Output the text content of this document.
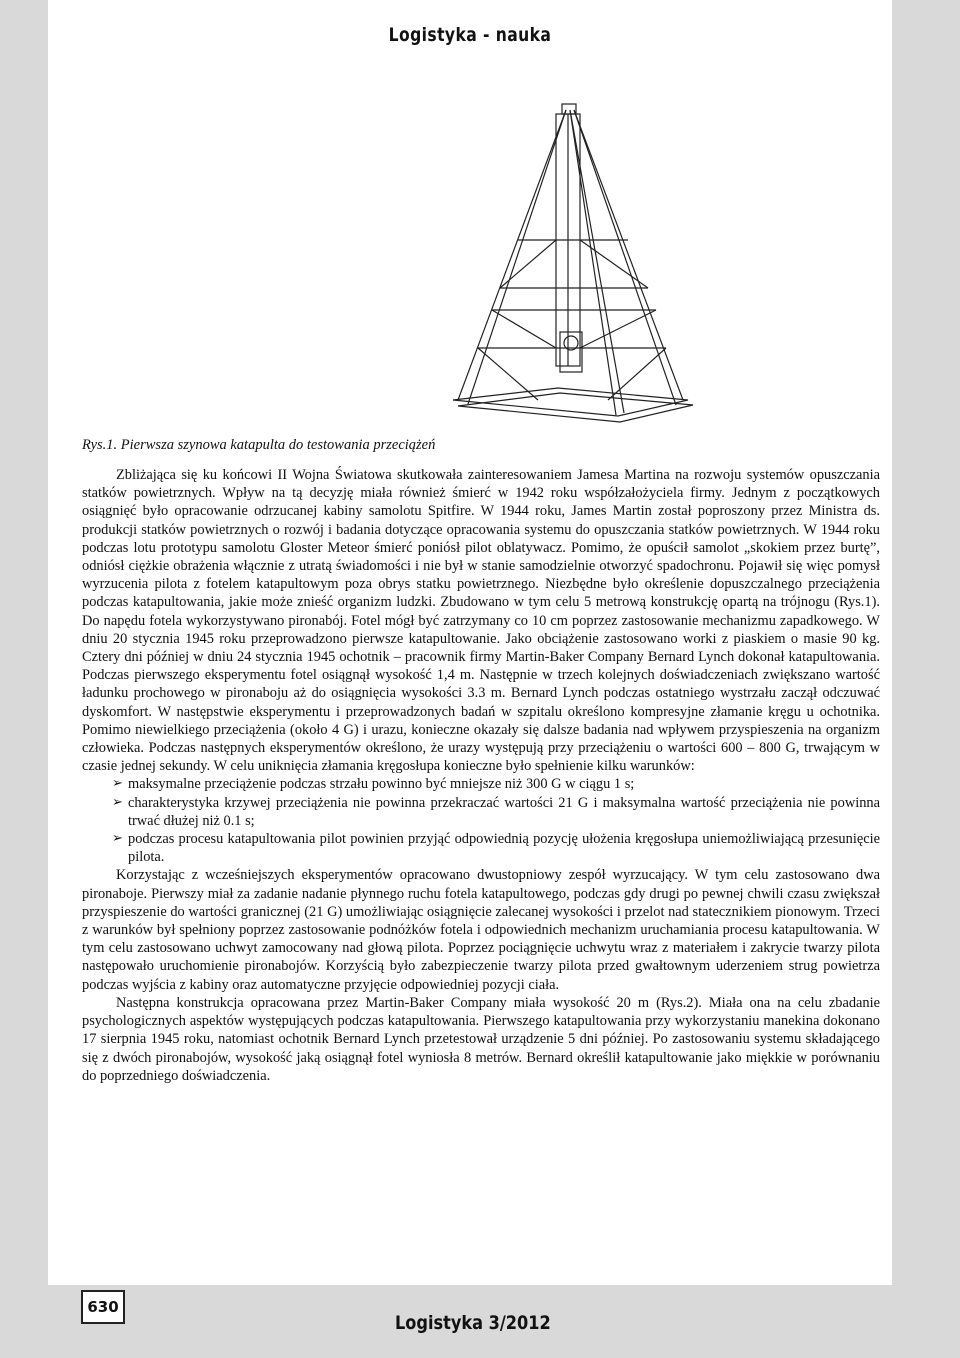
Logistyka - nauka
Rys.1. Pierwsza szynowa katapulta do testowania przeciążeń

Zbliżająca się ku końcowi II Wojna Światowa skutkowała zainteresowaniem Jamesa Martina na rozwoju systemów opuszczania statków powietrznych. Wpływ na tą decyzję miała również śmierć w 1942 roku współzałożyciela firmy. Jednym z początkowych osiągnięć było opracowanie odrzucanej kabiny samolotu Spitfire. W 1944 roku, James Martin został poproszony przez Ministra ds. produkcji statków powietrznych o rozwój i badania dotyczące opracowania systemu do opuszczania statków powietrznych. W 1944 roku podczas lotu prototypu samolotu Gloster Meteor śmierć poniósł pilot oblatywacz. Pomimo, że opuścił samolot „skokiem przez burtę”, odniósł ciężkie obrażenia włącznie z utratą świadomości i nie był w stanie samodzielnie otworzyć spadochronu. Pojawił się więc pomysł wyrzucenia pilota z fotelem katapultowym poza obrys statku powietrznego. Niezbędne było określenie dopuszczalnego przeciążenia podczas katapultowania, jakie może znieść organizm ludzki. Zbudowano w tym celu 5 metrową konstrukcję opartą na trójnogu (Rys.1). Do napędu fotela wykorzystywano pironabój. Fotel mógł być zatrzymany co 10 cm poprzez zastosowanie mechanizmu zapadkowego. W dniu 20 stycznia 1945 roku przeprowadzono pierwsze katapultowanie. Jako obciążenie zastosowano worki z piaskiem o masie 90 kg. Cztery dni później w dniu 24 stycznia 1945 ochotnik – pracownik firmy Martin-Baker Company Bernard Lynch dokonał katapultowania. Podczas pierwszego eksperymentu fotel osiągnął wysokość 1,4 m. Następnie w trzech kolejnych doświadczeniach zwiększano wartość ładunku prochowego w pironaboju aż do osiągnięcia wysokości 3.3 m. Bernard Lynch podczas ostatniego wystrzału zaczął odczuwać dyskomfort. W następstwie eksperymentu i przeprowadzonych badań w szpitalu określono kompresyjne złamanie kręgu u ochotnika. Pomimo niewielkiego przeciążenia (około 4 G) i urazu, konieczne okazały się dalsze badania nad wpływem przyspieszenia na organizm człowieka. Podczas następnych eksperymentów określono, że urazy występują przy przeciążeniu o wartości 600 – 800 G, trwającym w czasie jednej sekundy. W celu uniknięcia złamania kręgosłupa konieczne było spełnienie kilku warunków:

➢ maksymalne przeciążenie podczas strzału powinno być mniejsze niż 300 G w ciągu 1 s;
➢ charakterystyka krzywej przeciążenia nie powinna przekraczać wartości 21 G i maksymalna wartość przeciążenia nie powinna trwać dłużej niż 0.1 s;
➢ podczas procesu katapultowania pilot powinien przyjąć odpowiednią pozycję ułożenia kręgosłupa uniemożliwiającą przesunięcie pilota.

Korzystając z wcześniejszych eksperymentów opracowano dwustopniowy zespół wyrzucający. W tym celu zastosowano dwa pironaboje. Pierwszy miał za zadanie nadanie płynnego ruchu fotela katapultowego, podczas gdy drugi po pewnej chwili czasu zwiększał przyspieszenie do wartości granicznej (21 G) umożliwiając osiągnięcie zalecanej wysokości i przelot nad statecznikiem pionowym. Trzeci z warunków był spełniony poprzez zastosowanie podnóżków fotela i odpowiednich mechanizm uruchamiania procesu katapultowania. W tym celu zastosowano uchwyt zamocowany nad głową pilota. Poprzez pociągnięcie uchwytu wraz z materiałem i zakrycie twarzy pilota następowało uruchomienie pironabojów. Korzyścią było zabezpieczenie twarzy pilota przed gwałtownym uderzeniem strug powietrza podczas wyjścia z kabiny oraz automatyczne przyjęcie odpowiedniej pozycji ciała.

Następna konstrukcja opracowana przez Martin-Baker Company miała wysokość 20 m (Rys.2). Miała ona na celu zbadanie psychologicznych aspektów występujących podczas katapultowania. Pierwszego katapultowania przy wykorzystaniu manekina dokonano 17 sierpnia 1945 roku, natomiast ochotnik Bernard Lynch przetestował urządzenie 5 dni później. Po zastosowaniu systemu składającego się z dwóch pironabojów, wysokość jaką osiągnął fotel wyniosła 8 metrów. Bernard określił katapultowanie jako miękkie w porównaniu do poprzedniego doświadczenia.

630
Logistyka 3/2012
